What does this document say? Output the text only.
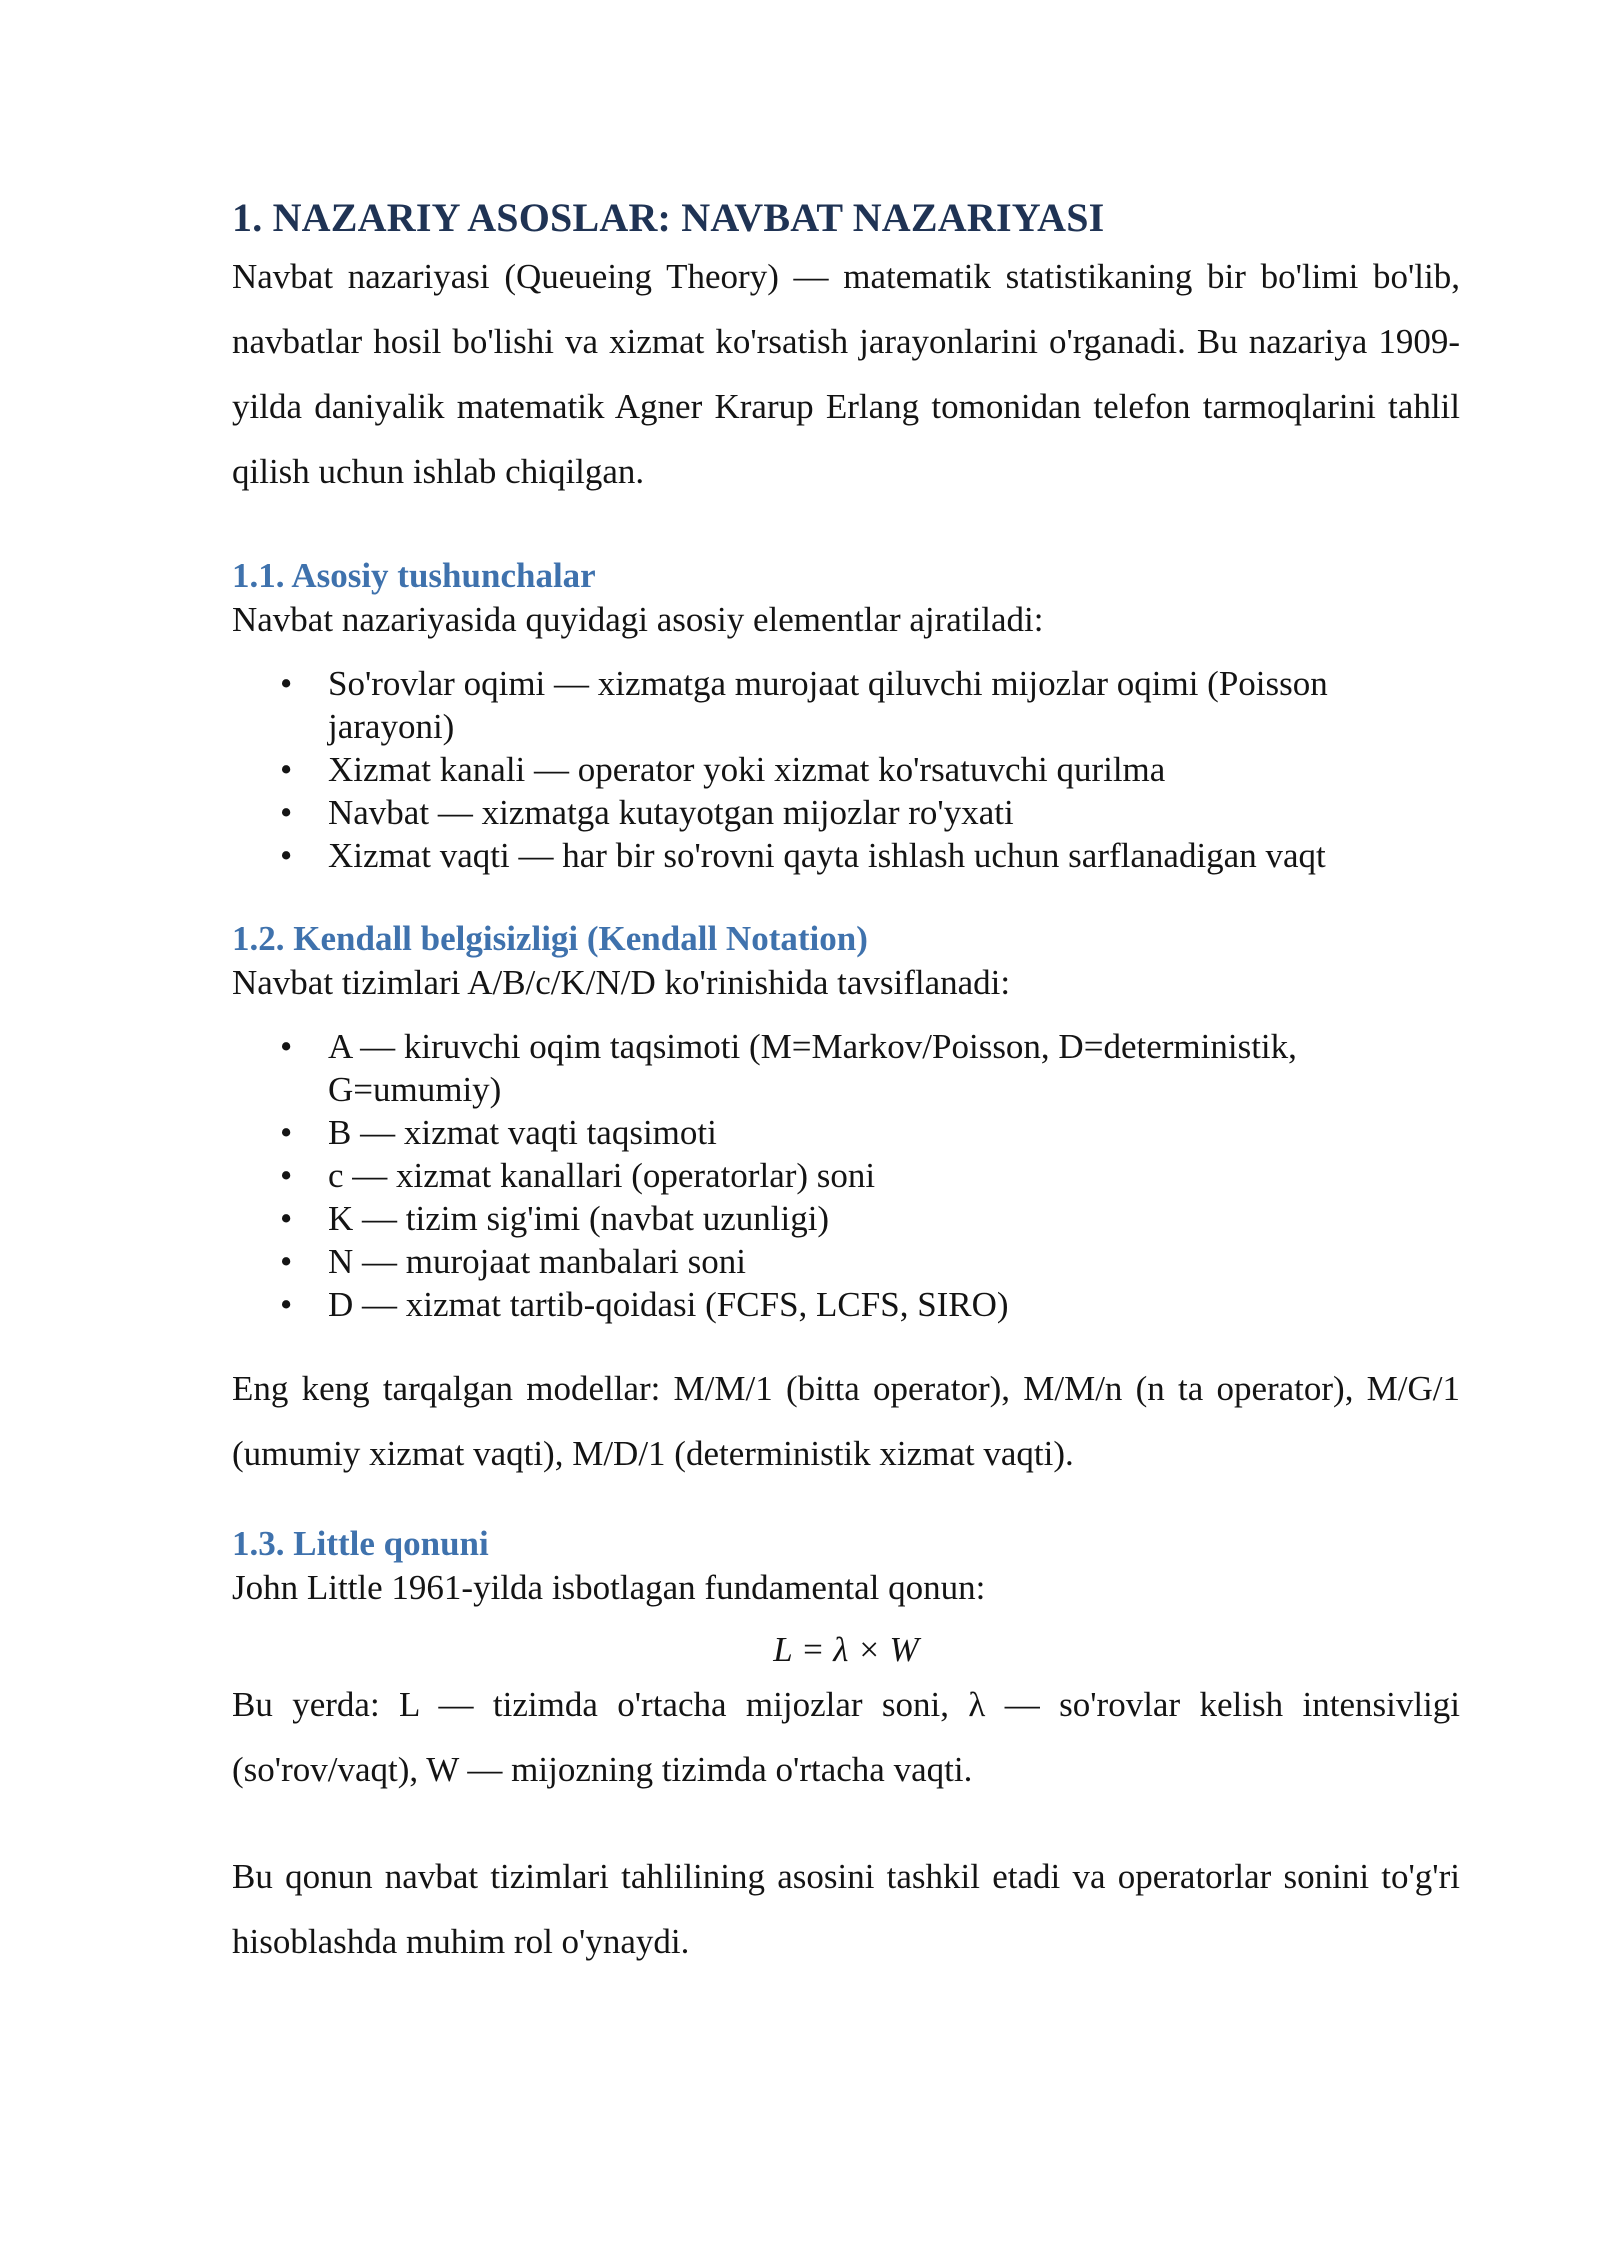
1. NAZARIY ASOSLAR: NAVBAT NAZARIYASI

Navbat nazariyasi (Queueing Theory) — matematik statistikaning bir bo'limi bo'lib, navbatlar hosil bo'lishi va xizmat ko'rsatish jarayonlarini o'rganadi. Bu nazariya 1909-yilda daniyalik matematik Agner Krarup Erlang tomonidan telefon tarmoqlarini tahlil qilish uchun ishlab chiqilgan.

1.1. Asosiy tushunchalar

Navbat nazariyasida quyidagi asosiy elementlar ajratiladi:

• So'rovlar oqimi — xizmatga murojaat qiluvchi mijozlar oqimi (Poisson jarayoni)
• Xizmat kanali — operator yoki xizmat ko'rsatuvchi qurilma
• Navbat — xizmatga kutayotgan mijozlar ro'yxati
• Xizmat vaqti — har bir so'rovni qayta ishlash uchun sarflanadigan vaqt
1.2. Kendall belgisizligi (Kendall Notation)

Navbat tizimlari A/B/c/K/N/D ko'rinishida tavsiflanadi:

• A — kiruvchi oqim taqsimoti (M=Markov/Poisson, D=deterministik, G=umumiy)
• B — xizmat vaqti taqsimoti
• c — xizmat kanallari (operatorlar) soni
• K — tizim sig'imi (navbat uzunligi)
• N — murojaat manbalari soni
• D — xizmat tartib-qoidasi (FCFS, LCFS, SIRO)

Eng keng tarqalgan modellar: M/M/1 (bitta operator), M/M/n (n ta operator), M/G/1 (umumiy xizmat vaqti), M/D/1 (deterministik xizmat vaqti).

1.3. Little qonuni

John Little 1961-yilda isbotlagan fundamental qonun:

L = λ × W

Bu yerda: L — tizimda o'rtacha mijozlar soni, λ — so'rovlar kelish intensivligi (so'rov/vaqt), W — mijozning tizimda o'rtacha vaqti.

Bu qonun navbat tizimlari tahlilining asosini tashkil etadi va operatorlar sonini to'g'ri hisoblashda muhim rol o'ynaydi.
